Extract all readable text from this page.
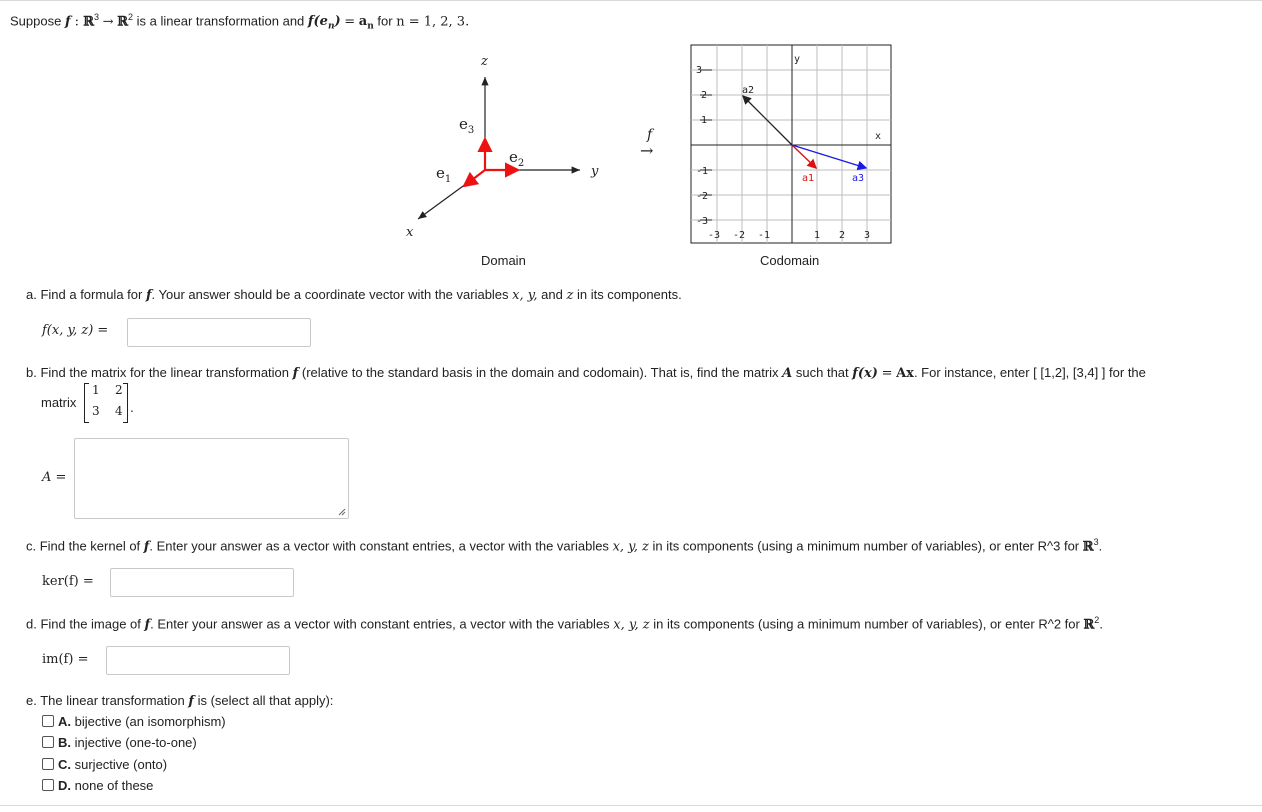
Suppose f : ℝ$^3$ → ℝ$^2$ is a linear transformation and $f(e_n) = a_n$ for n = 1, 2, 3.
z
y
x
$e_3$
$e_2$
$e_1$
f
→
3
2
1
-1
-2
-3
-3 -2 -1	1 2 3
y
x
a2
a1	a3
Domain	Codomain
a. Find a formula for f. Your answer should be a coordinate vector with the variables x, y, and z in its components.
f(x, y, z) =
b. Find the matrix for the linear transformation f (relative to the standard basis in the domain and codomain). That is, find the matrix A such that f(x) = Ax. For instance, enter [ [1,2], [3,4] ] for the
matrix
1 2
3 4 .
A =
c. Find the kernel of f. Enter your answer as a vector with constant entries, a vector with the variables x, y, z in its components (using a minimum number of variables), or enter R^3 for ℝ$^3$.
ker(f) =
d. Find the image of f. Enter your answer as a vector with constant entries, a vector with the variables x, y, z in its components (using a minimum number of variables), or enter R^2 for ℝ$^2$.
im(f) =
e. The linear transformation f is (select all that apply):
A. bijective (an isomorphism)
B. injective (one-to-one)
C. surjective (onto)
D. none of these
